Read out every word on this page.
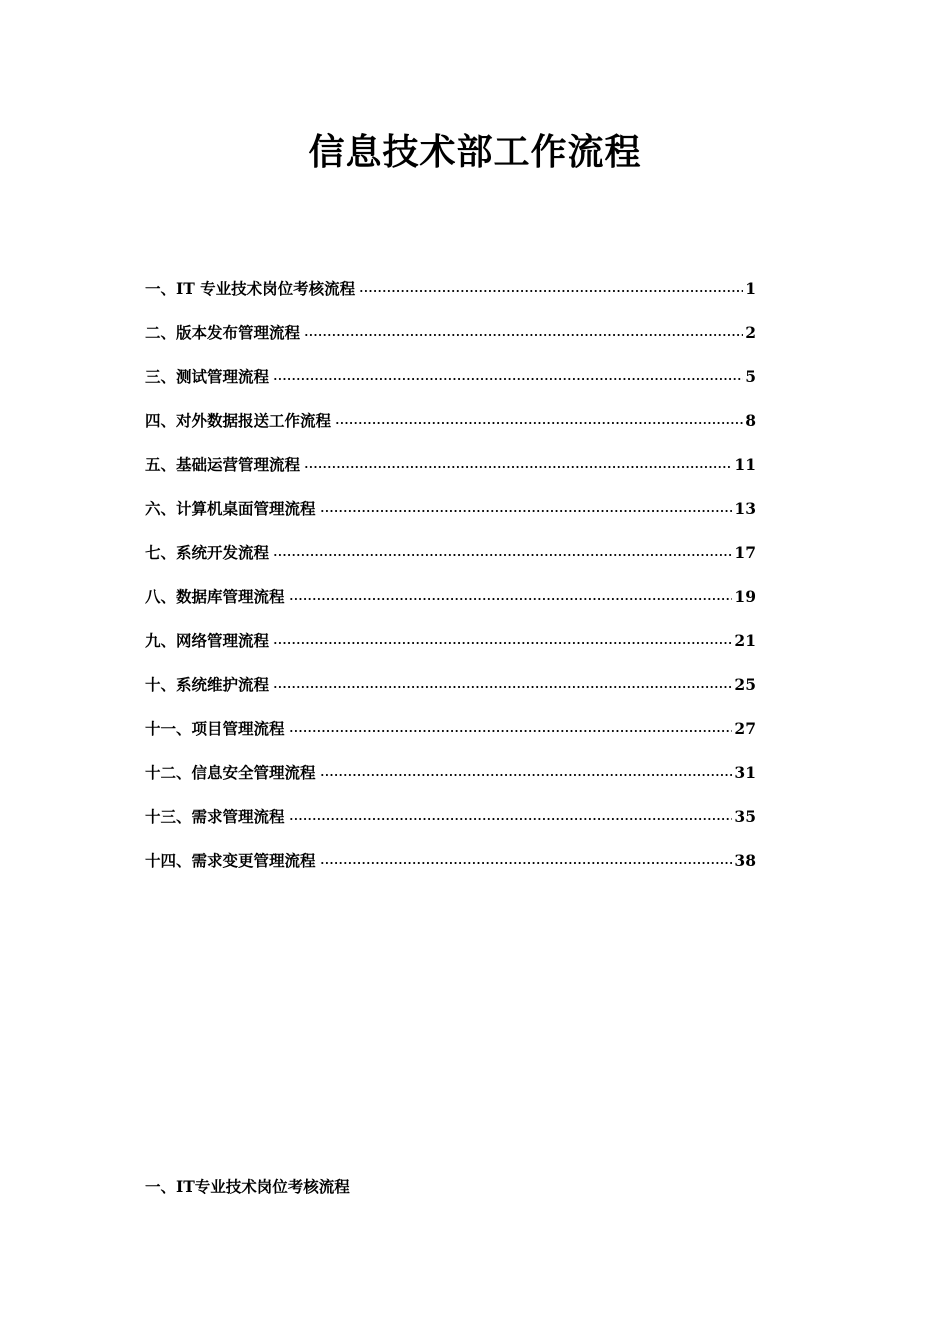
信息技术部工作流程
一、IT 专业技术岗位考核流程	1
二、版本发布管理流程	2
三、测试管理流程	5
四、对外数据报送工作流程	8
五、基础运营管理流程	11
六、计算机桌面管理流程	13
七、系统开发流程	17
八、数据库管理流程	19
九、网络管理流程	21
十、系统维护流程	25
十一、项目管理流程	27
十二、信息安全管理流程	31
十三、需求管理流程	35
十四、需求变更管理流程	38
一、IT专业技术岗位考核流程
